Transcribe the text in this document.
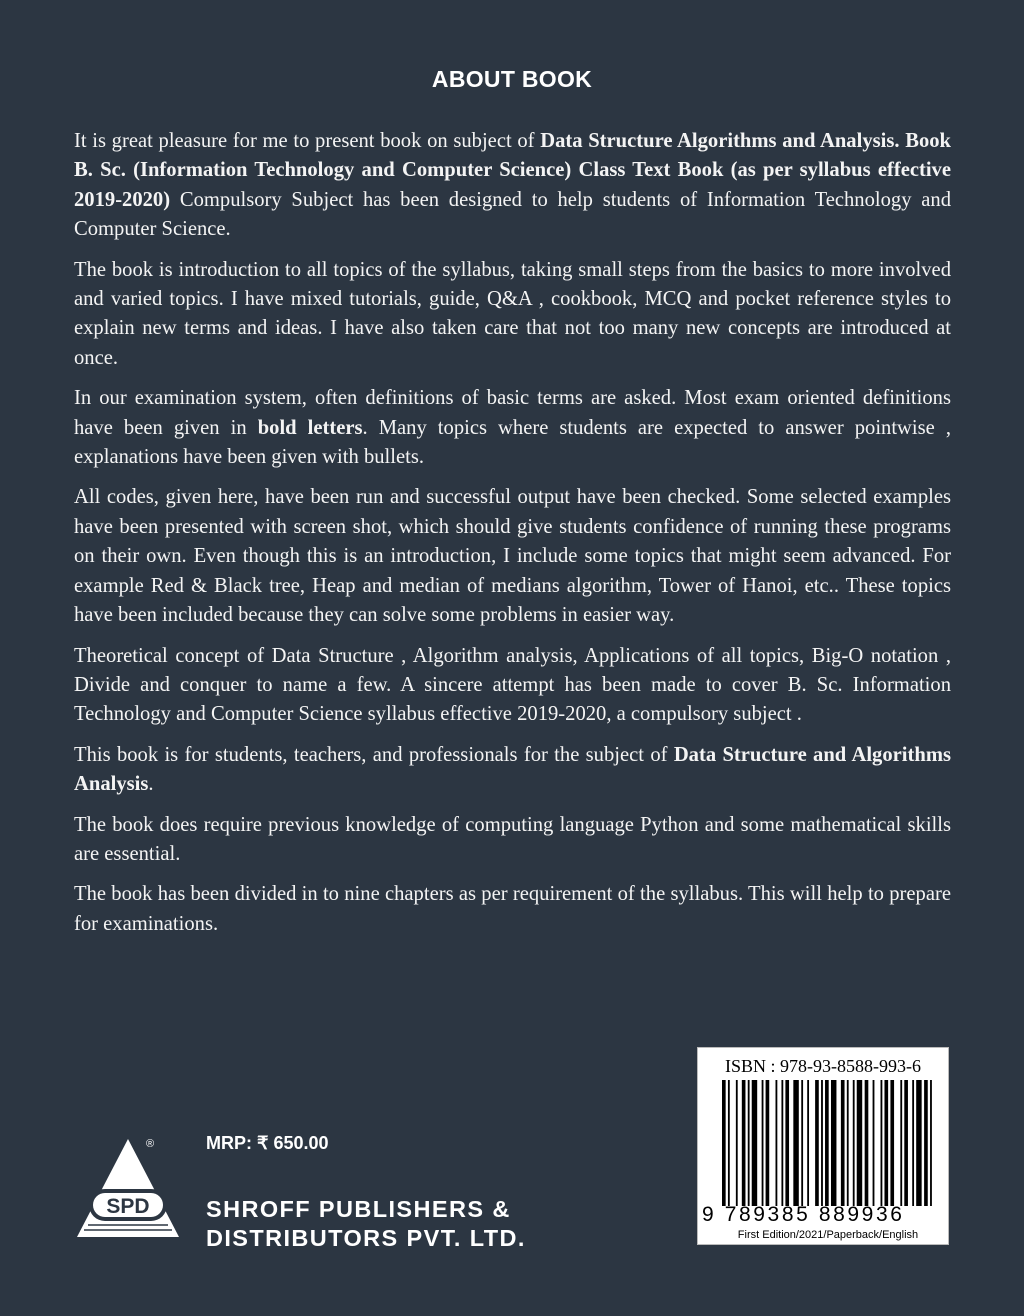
ABOUT BOOK

It is great pleasure for me to present book on subject of Data Structure Algorithms and Analysis. Book B. Sc. (Information Technology and Computer Science) Class Text Book (as per syllabus effective 2019-2020) Compulsory Subject has been designed to help students of Information Technology and Computer Science.

The book is introduction to all topics of the syllabus, taking small steps from the basics to more involved and varied topics. I have mixed tutorials, guide, Q&A , cookbook, MCQ and pocket reference styles to explain new terms and ideas. I have also taken care that not too many new concepts are introduced at once.

In our examination system, often definitions of basic terms are asked. Most exam oriented definitions have been given in bold letters. Many topics where students are expected to answer pointwise , explanations have been given with bullets.

All codes, given here, have been run and successful output have been checked. Some selected examples have been presented with screen shot, which should give students confidence of running these programs on their own. Even though this is an introduction, I include some topics that might seem advanced. For example Red & Black tree, Heap and median of medians algorithm, Tower of Hanoi, etc.. These topics have been included because they can solve some problems in easier way.

Theoretical concept of Data Structure , Algorithm analysis, Applications of all topics, Big-O notation , Divide and conquer to name a few. A sincere attempt has been made to cover B. Sc. Information Technology and Computer Science syllabus effective 2019-2020, a compulsory subject .

This book is for students, teachers, and professionals for the subject of Data Structure and Algorithms Analysis.

The book does require previous knowledge of computing language Python and some mathematical skills are essential.

The book has been divided in to nine chapters as per requirement of the syllabus. This will help to prepare for examinations.

SPD
®	MRP: ₹ 650.00
SHROFF PUBLISHERS &
DISTRIBUTORS PVT. LTD.
ISBN : 978-93-8588-993-6
9 789385 889936
First Edition/2021/Paperback/English
